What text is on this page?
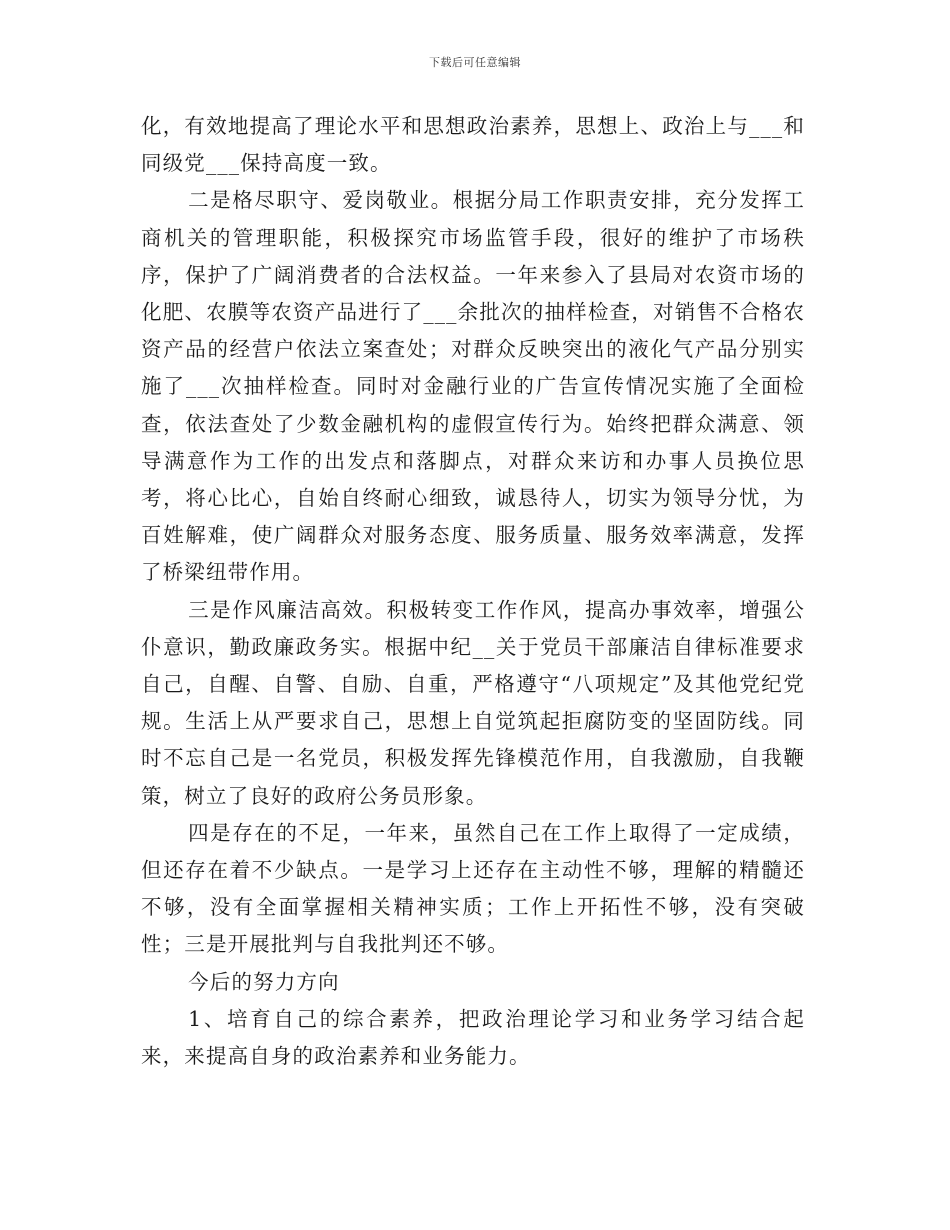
下载后可任意编辑

化，有效地提高了理论水平和思想政治素养，思想上、政治上与___和同级党___保持高度一致。

二是格尽职守、爱岗敬业。根据分局工作职责安排，充分发挥工商机关的管理职能，积极探究市场监管手段，很好的维护了市场秩序，保护了广阔消费者的合法权益。一年来参入了县局对农资市场的化肥、农膜等农资产品进行了___余批次的抽样检查，对销售不合格农资产品的经营户依法立案查处；对群众反映突出的液化气产品分别实施了___次抽样检查。同时对金融行业的广告宣传情况实施了全面检查，依法查处了少数金融机构的虚假宣传行为。始终把群众满意、领导满意作为工作的出发点和落脚点，对群众来访和办事人员换位思考，将心比心，自始自终耐心细致，诚恳待人，切实为领导分忧，为百姓解难，使广阔群众对服务态度、服务质量、服务效率满意，发挥了桥梁纽带作用。

三是作风廉洁高效。积极转变工作作风，提高办事效率，增强公仆意识，勤政廉政务实。根据中纪__关于党员干部廉洁自律标准要求自己，自醒、自警、自励、自重，严格遵守“八项规定”及其他党纪党规。生活上从严要求自己，思想上自觉筑起拒腐防变的坚固防线。同时不忘自己是一名党员，积极发挥先锋模范作用，自我激励，自我鞭策，树立了良好的政府公务员形象。

四是存在的不足，一年来，虽然自己在工作上取得了一定成绩，但还存在着不少缺点。一是学习上还存在主动性不够，理解的精髓还不够，没有全面掌握相关精神实质；工作上开拓性不够，没有突破性；三是开展批判与自我批判还不够。

今后的努力方向

1、培育自己的综合素养，把政治理论学习和业务学习结合起来，来提高自身的政治素养和业务能力。
